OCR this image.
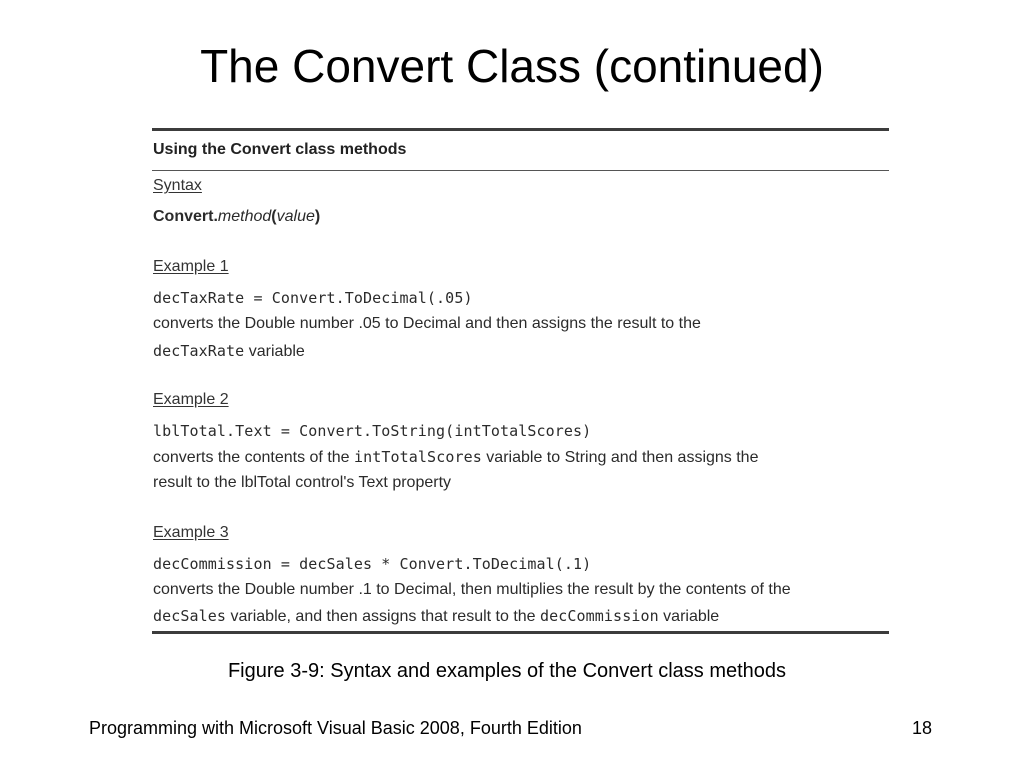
The Convert Class (continued)
Using the Convert class methods
Syntax
Convert.method(value)
Example 1
decTaxRate = Convert.ToDecimal(.05)
converts the Double number .05 to Decimal and then assigns the result to the
decTaxRate variable
Example 2
lblTotal.Text = Convert.ToString(intTotalScores)
converts the contents of the intTotalScores variable to String and then assigns the
result to the lblTotal control's Text property
Example 3
decCommission = decSales * Convert.ToDecimal(.1)
converts the Double number .1 to Decimal, then multiplies the result by the contents of the
decSales variable, and then assigns that result to the decCommission variable
Figure 3-9: Syntax and examples of the Convert class methods
Programming with Microsoft Visual Basic 2008, Fourth Edition	18
